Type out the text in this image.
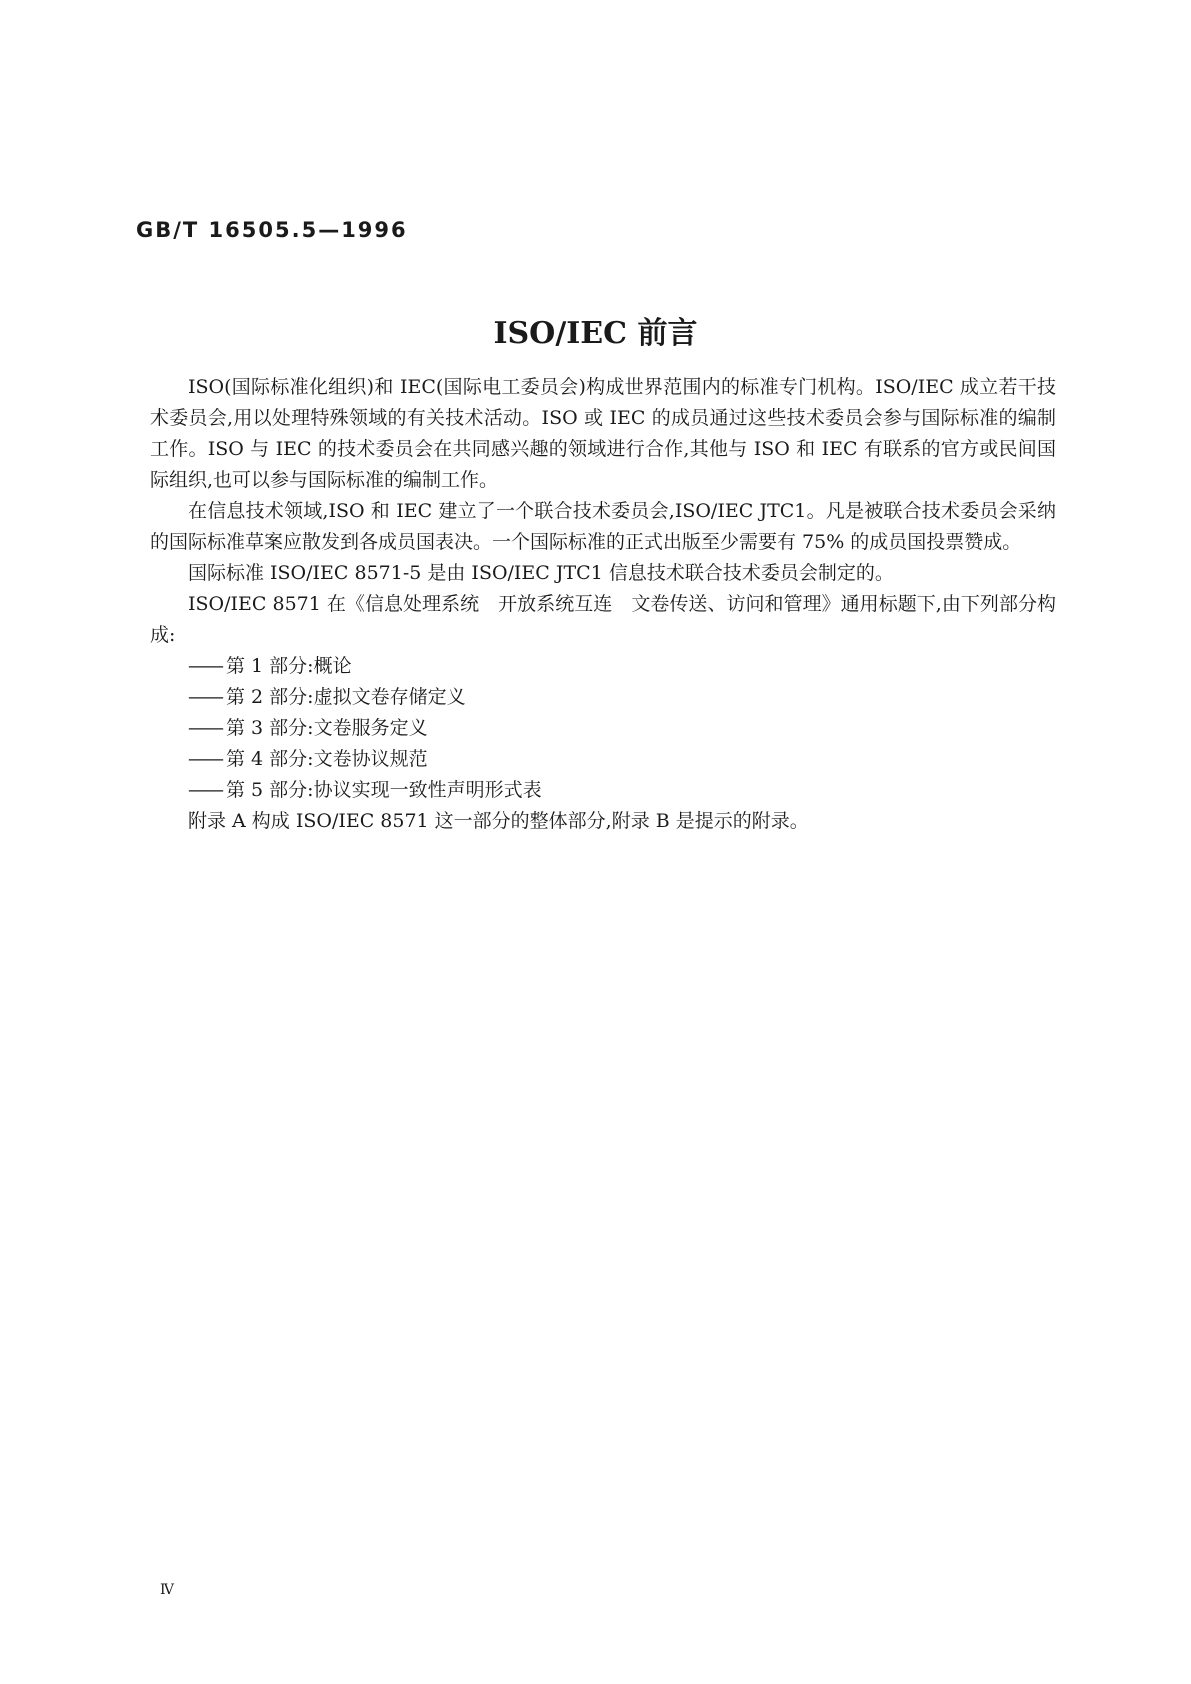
GB/T 16505.5—1996
ISO/IEC 前言

ISO(国际标准化组织)和 IEC(国际电工委员会)构成世界范围内的标准专门机构。ISO/IEC 成立若干技术委员会,用以处理特殊领域的有关技术活动。ISO 或 IEC 的成员通过这些技术委员会参与国际标准的编制工作。ISO 与 IEC 的技术委员会在共同感兴趣的领域进行合作,其他与 ISO 和 IEC 有联系的官方或民间国际组织,也可以参与国际标准的编制工作。

在信息技术领域,ISO 和 IEC 建立了一个联合技术委员会,ISO/IEC JTC1。凡是被联合技术委员会采纳的国际标准草案应散发到各成员国表决。一个国际标准的正式出版至少需要有 75% 的成员国投票赞成。

国际标准 ISO/IEC 8571-5 是由 ISO/IEC JTC1 信息技术联合技术委员会制定的。

ISO/IEC 8571 在《信息处理系统　开放系统互连　文卷传送、访问和管理》通用标题下,由下列部分构成:

—— 第 1 部分:概论
—— 第 2 部分:虚拟文卷存储定义
—— 第 3 部分:文卷服务定义
—— 第 4 部分:文卷协议规范
—— 第 5 部分:协议实现一致性声明形式表

附录 A 构成 ISO/IEC 8571 这一部分的整体部分,附录 B 是提示的附录。

Ⅳ
